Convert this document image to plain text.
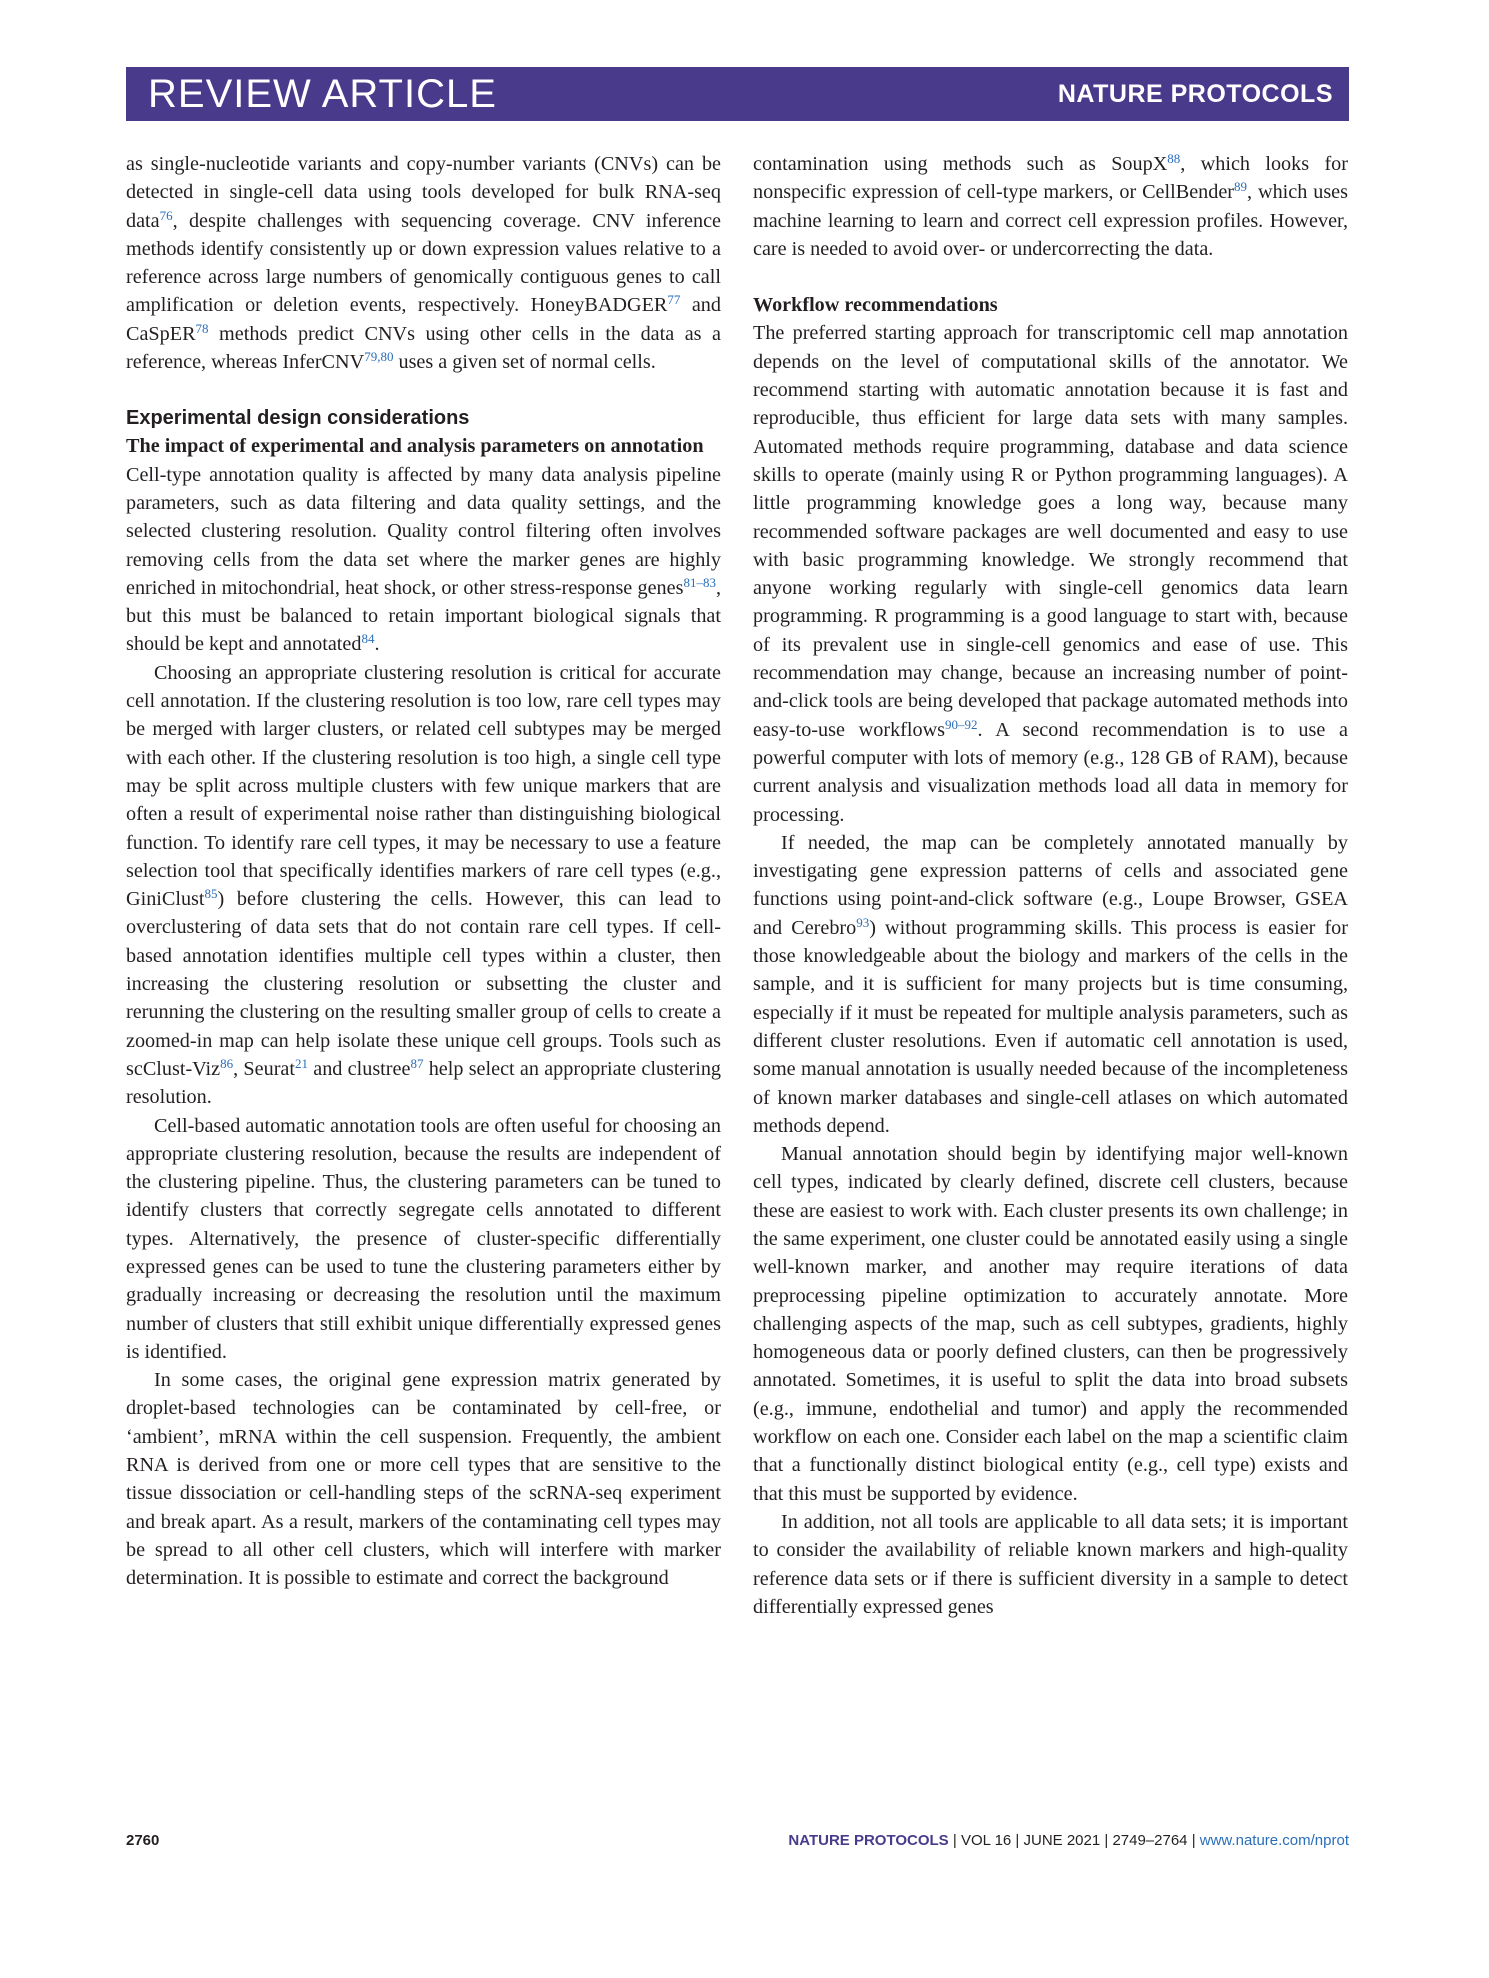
REVIEW ARTICLE	NATURE PROTOCOLS

as single-nucleotide variants and copy-number variants (CNVs) can be detected in single-cell data using tools developed for bulk RNA-seq data$^{76}$, despite challenges with sequencing coverage. CNV inference methods identify consistently up or down expression values relative to a reference across large numbers of genomically contiguous genes to call amplification or deletion events, respectively. HoneyBADGER$^{77}$ and CaSpER$^{78}$ methods predict CNVs using other cells in the data as a reference, whereas InferCNV$^{79,80}$ uses a given set of normal cells.

Experimental design considerations

The impact of experimental and analysis parameters on annotation

Cell-type annotation quality is affected by many data analysis pipeline parameters, such as data filtering and data quality settings, and the selected clustering resolution. Quality control filtering often involves removing cells from the data set where the marker genes are highly enriched in mitochondrial, heat shock, or other stress-response genes$^{81-83}$, but this must be balanced to retain important biological signals that should be kept and annotated$^{84}$.

Choosing an appropriate clustering resolution is critical for accurate cell annotation. If the clustering resolution is too low, rare cell types may be merged with larger clusters, or related cell subtypes may be merged with each other. If the clustering resolution is too high, a single cell type may be split across multiple clusters with few unique markers that are often a result of experimental noise rather than distinguishing biological function. To identify rare cell types, it may be necessary to use a feature selection tool that specifically identifies markers of rare cell types (e.g., GiniClust$^{85}$) before clustering the cells. However, this can lead to overclustering of data sets that do not contain rare cell types. If cell-based annotation identifies multiple cell types within a cluster, then increasing the clustering resolution or subsetting the cluster and rerunning the clustering on the resulting smaller group of cells to create a zoomed-in map can help isolate these unique cell groups. Tools such as scClust-Viz$^{86}$, Seurat$^{21}$ and clustree$^{87}$ help select an appropriate clustering resolution.

Cell-based automatic annotation tools are often useful for choosing an appropriate clustering resolution, because the results are independent of the clustering pipeline. Thus, the clustering parameters can be tuned to identify clusters that correctly segregate cells annotated to different types. Alternatively, the presence of cluster-specific differentially expressed genes can be used to tune the clustering parameters either by gradually increasing or decreasing the resolution until the maximum number of clusters that still exhibit unique differentially expressed genes is identified.

In some cases, the original gene expression matrix generated by droplet-based technologies can be contaminated by cell-free, or ‘ambient’, mRNA within the cell suspension. Frequently, the ambient RNA is derived from one or more cell types that are sensitive to the tissue dissociation or cell-handling steps of the scRNA-seq experiment and break apart. As a result, markers of the contaminating cell types may be spread to all other cell clusters, which will interfere with marker determination. It is possible to estimate and correct the background

contamination using methods such as SoupX$^{88}$, which looks for nonspecific expression of cell-type markers, or CellBender$^{89}$, which uses machine learning to learn and correct cell expression profiles. However, care is needed to avoid over- or undercorrecting the data.

Workflow recommendations

The preferred starting approach for transcriptomic cell map annotation depends on the level of computational skills of the annotator. We recommend starting with automatic annotation because it is fast and reproducible, thus efficient for large data sets with many samples. Automated methods require programming, database and data science skills to operate (mainly using R or Python programming languages). A little programming knowledge goes a long way, because many recommended software packages are well documented and easy to use with basic programming knowledge. We strongly recommend that anyone working regularly with single-cell genomics data learn programming. R programming is a good language to start with, because of its prevalent use in single-cell genomics and ease of use. This recommendation may change, because an increasing number of point-and-click tools are being developed that package automated methods into easy-to-use workflows$^{90-92}$. A second recommendation is to use a powerful computer with lots of memory (e.g., 128 GB of RAM), because current analysis and visualization methods load all data in memory for processing.

If needed, the map can be completely annotated manually by investigating gene expression patterns of cells and associated gene functions using point-and-click software (e.g., Loupe Browser, GSEA and Cerebro$^{93}$) without programming skills. This process is easier for those knowledgeable about the biology and markers of the cells in the sample, and it is sufficient for many projects but is time consuming, especially if it must be repeated for multiple analysis parameters, such as different cluster resolutions. Even if automatic cell annotation is used, some manual annotation is usually needed because of the incompleteness of known marker databases and single-cell atlases on which automated methods depend.

Manual annotation should begin by identifying major well-known cell types, indicated by clearly defined, discrete cell clusters, because these are easiest to work with. Each cluster presents its own challenge; in the same experiment, one cluster could be annotated easily using a single well-known marker, and another may require iterations of data preprocessing pipeline optimization to accurately annotate. More challenging aspects of the map, such as cell subtypes, gradients, highly homogeneous data or poorly defined clusters, can then be progressively annotated. Sometimes, it is useful to split the data into broad subsets (e.g., immune, endothelial and tumor) and apply the recommended workflow on each one. Consider each label on the map a scientific claim that a functionally distinct biological entity (e.g., cell type) exists and that this must be supported by evidence.

In addition, not all tools are applicable to all data sets; it is important to consider the availability of reliable known markers and high-quality reference data sets or if there is sufficient diversity in a sample to detect differentially expressed genes

2760	NATURE PROTOCOLS | VOL 16 | JUNE 2021 | 2749–2764 | www.nature.com/nprot
